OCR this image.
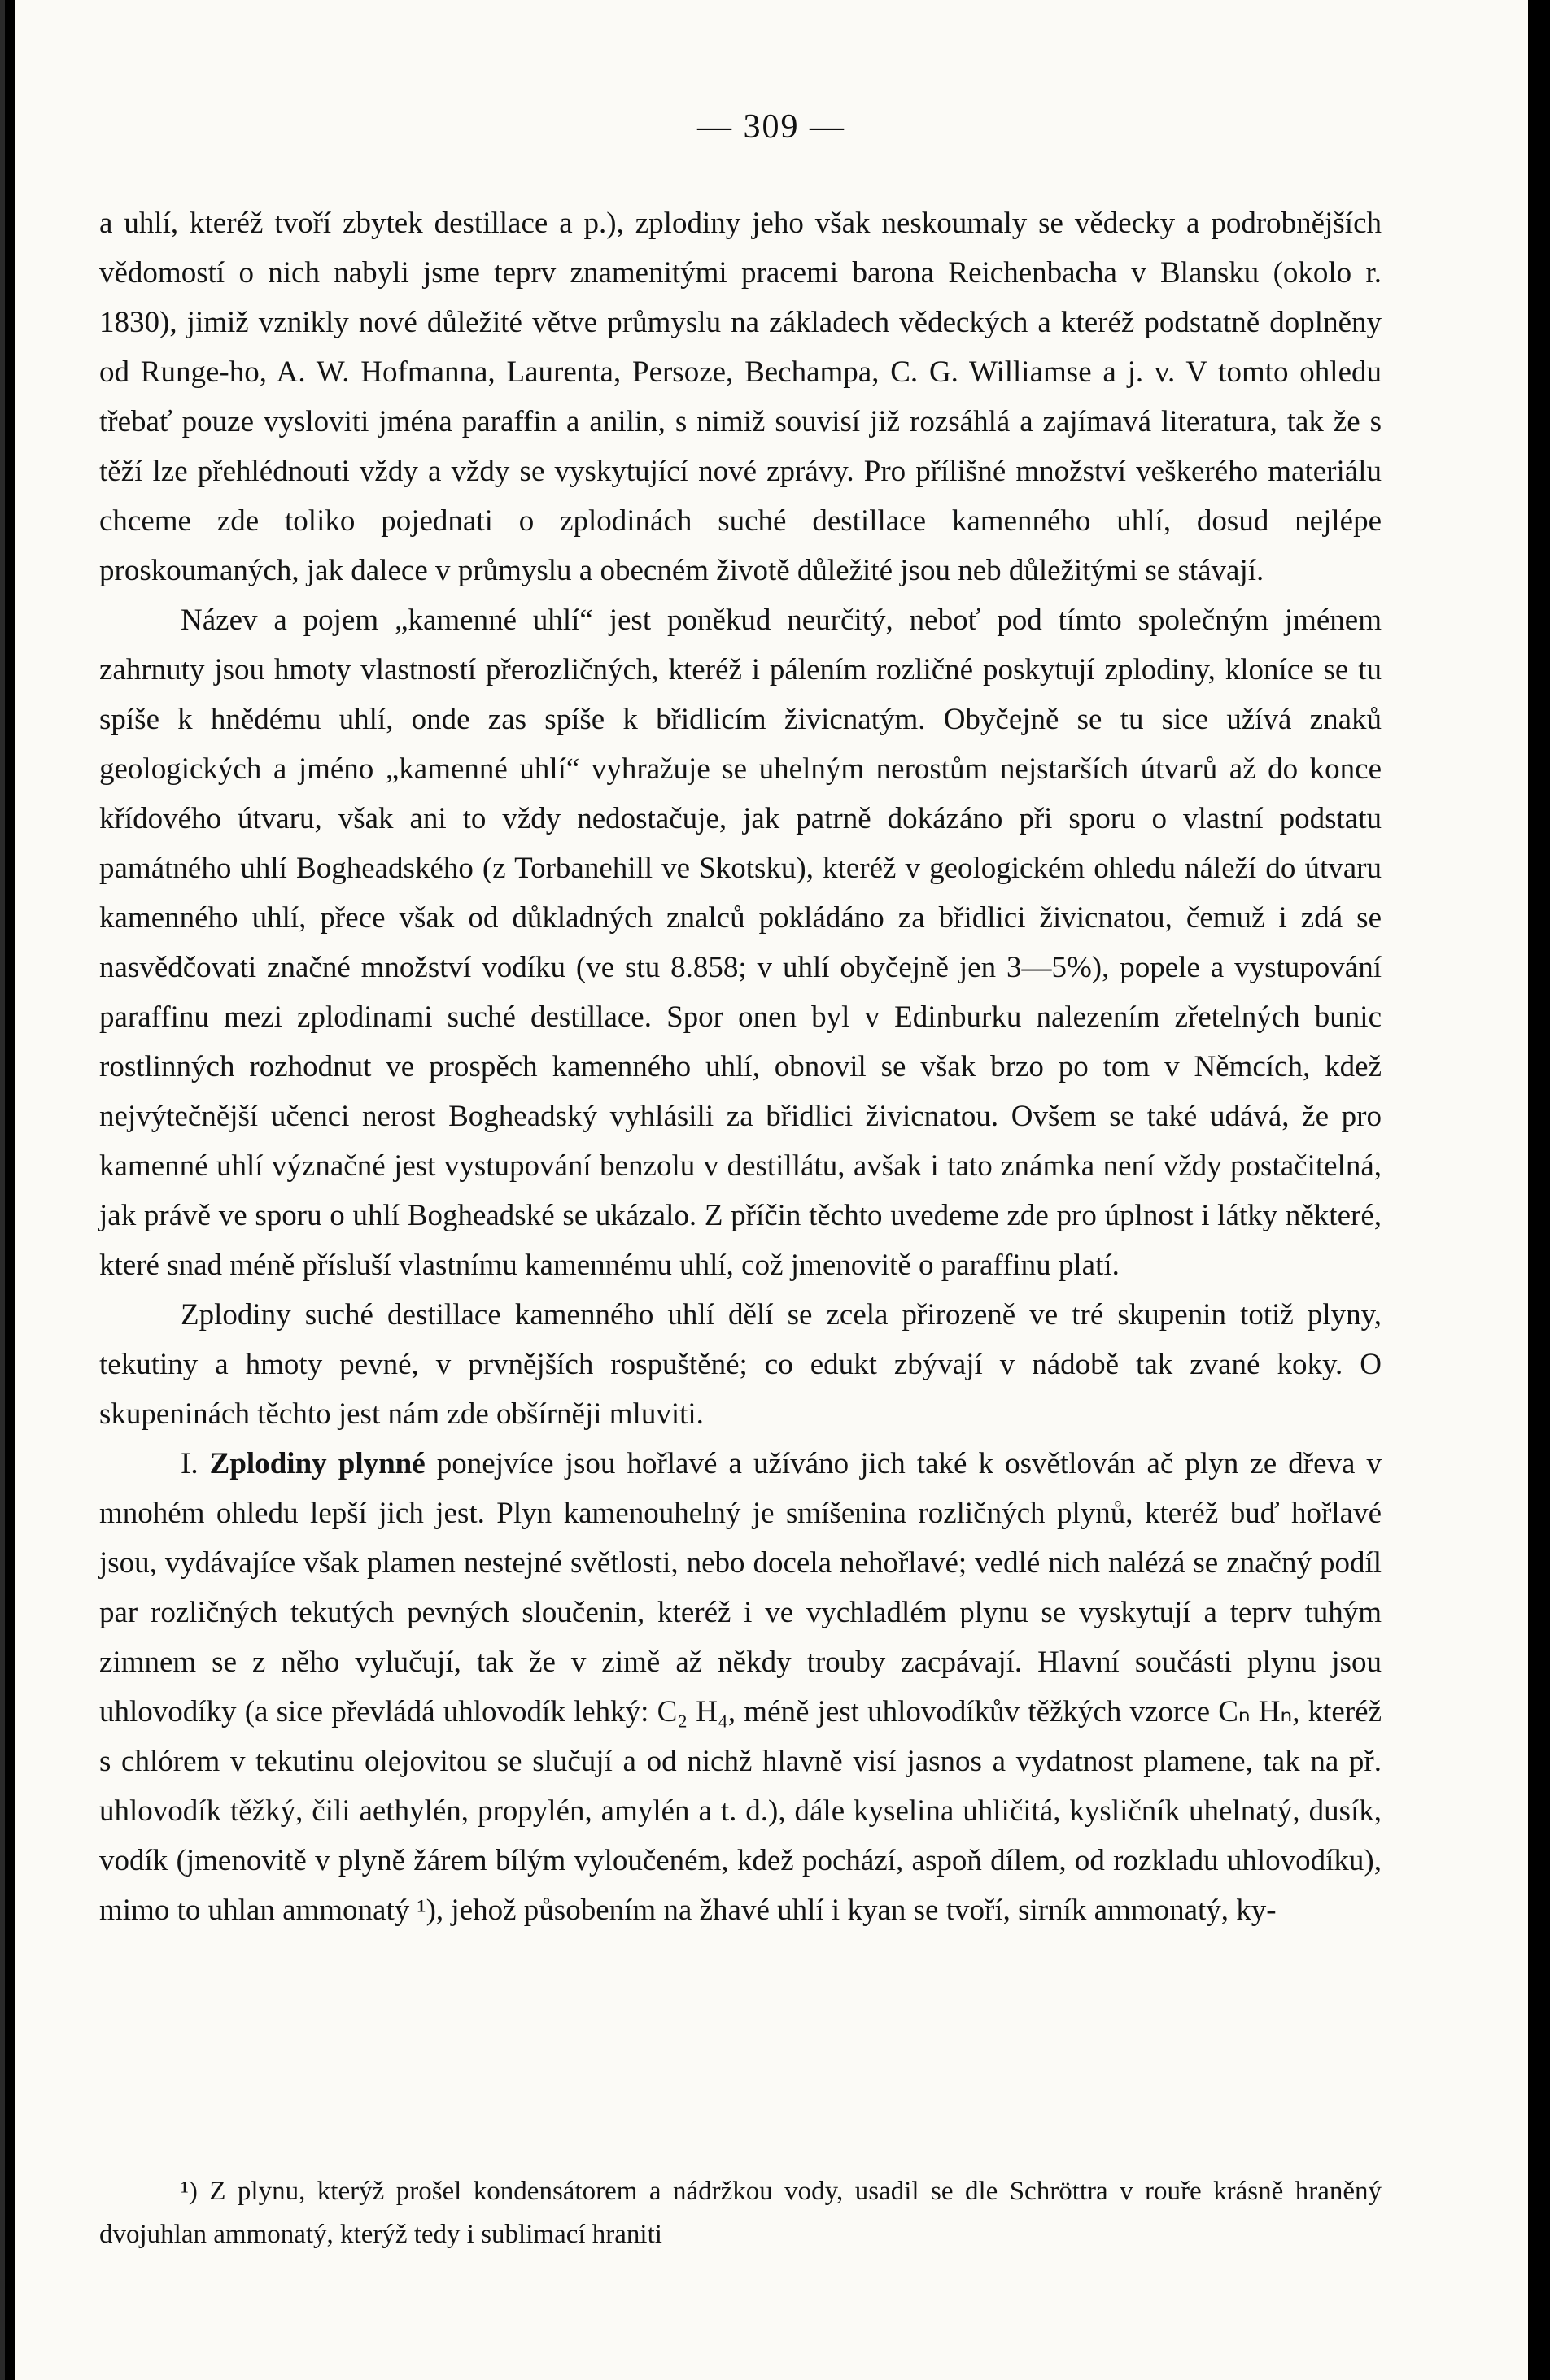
— 309 —

a uhlí, kteréž tvoří zbytek destillace a p.), zplodiny jeho však neskoumaly se vědecky a podrobnějších vědomostí o nich nabyli jsme teprv znamenitými pracemi barona Reichenbacha v Blansku (okolo r. 1830), jimiž vznikly nové důležité větve průmyslu na základech vědeckých a kteréž podstatně doplněny od Runge-ho, A. W. Hofmanna, Laurenta, Persoze, Bechampa, C. G. Williamse a j. v. V tomto ohledu třebať pouze vysloviti jména paraffin a anilin, s nimiž souvisí již rozsáhlá a zajímavá literatura, tak že s těží lze přehlédnouti vždy a vždy se vyskytující nové zprávy. Pro přílišné množství veškerého materiálu chceme zde toliko pojednati o zplodinách suché destillace kamenného uhlí, dosud nejlépe proskoumaných, jak dalece v průmyslu a obecném životě důležité jsou neb důležitými se stávají.

Název a pojem „kamenné uhlí“ jest poněkud neurčitý, neboť pod tímto společným jménem zahrnuty jsou hmoty vlastností přerozličných, kteréž i pálením rozličné poskytují zplodiny, kloníce se tu spíše k hnědému uhlí, onde zas spíše k břidlicím živicnatým. Obyčejně se tu sice užívá znaků geologických a jméno „kamenné uhlí“ vyhražuje se uhelným nerostům nejstarších útvarů až do konce křídového útvaru, však ani to vždy nedostačuje, jak patrně dokázáno při sporu o vlastní podstatu památného uhlí Bogheadského (z Torbanehill ve Skotsku), kteréž v geologickém ohledu náleží do útvaru kamenného uhlí, přece však od důkladných znalců pokládáno za břidlici živicnatou, čemuž i zdá se nasvědčovati značné množství vodíku (ve stu 8.858; v uhlí obyčejně jen 3—5%), popele a vystupování paraffinu mezi zplodinami suché destillace. Spor onen byl v Edinburku nalezením zřetelných bunic rostlinných rozhodnut ve prospěch kamenného uhlí, obnovil se však brzo po tom v Němcích, kdež nejvýtečnější učenci nerost Bogheadský vyhlásili za břidlici živicnatou. Ovšem se také udává, že pro kamenné uhlí význačné jest vystupování benzolu v destillátu, avšak i tato známka není vždy postačitelná, jak právě ve sporu o uhlí Bogheadské se ukázalo. Z příčin těchto uvedeme zde pro úplnost i látky některé, které snad méně přísluší vlastnímu kamennému uhlí, což jmenovitě o paraffinu platí.

Zplodiny suché destillace kamenného uhlí dělí se zcela přirozeně ve tré skupenin totiž plyny, tekutiny a hmoty pevné, v prvnějších rospuštěné; co edukt zbývají v nádobě tak zvané koky. O skupeninách těchto jest nám zde obšírněji mluviti.

I. Zplodiny plynné ponejvíce jsou hořlavé a užíváno jich také k osvětlován ač plyn ze dřeva v mnohém ohledu lepší jich jest. Plyn kamenouhelný je smíšenina rozličných plynů, kteréž buď hořlavé jsou, vydávajíce však plamen nestejné světlosti, nebo docela nehořlavé; vedlé nich nalézá se značný podíl par rozličných tekutých pevných sloučenin, kteréž i ve vychladlém plynu se vyskytují a teprv tuhým zimnem se z něho vylučují, tak že v zimě až někdy trouby zacpávají. Hlavní součásti plynu jsou uhlovodíky (a sice převládá uhlovodík lehký: C₂ H₄, méně jest uhlovodíkův těžkých vzorce Cₙ Hₙ, kteréž s chlórem v tekutinu olejovitou se slučují a od nichž hlavně visí jasnos a vydatnost plamene, tak na př. uhlovodík těžký, čili aethylén, propylén, amylén a t. d.), dále kyselina uhličitá, kysličník uhelnatý, dusík, vodík (jmenovitě v plyně žárem bílým vyloučeném, kdež pochází, aspoň dílem, od rozkladu uhlovodíku), mimo to uhlan ammonatý ¹), jehož působením na žhavé uhlí i kyan se tvoří, sirník ammonatý, ky-

¹) Z plynu, kterýž prošel kondensátorem a nádržkou vody, usadil se dle Schröttra v rouře krásně hraněný dvojuhlan ammonatý, kterýž tedy i sublimací hraniti
